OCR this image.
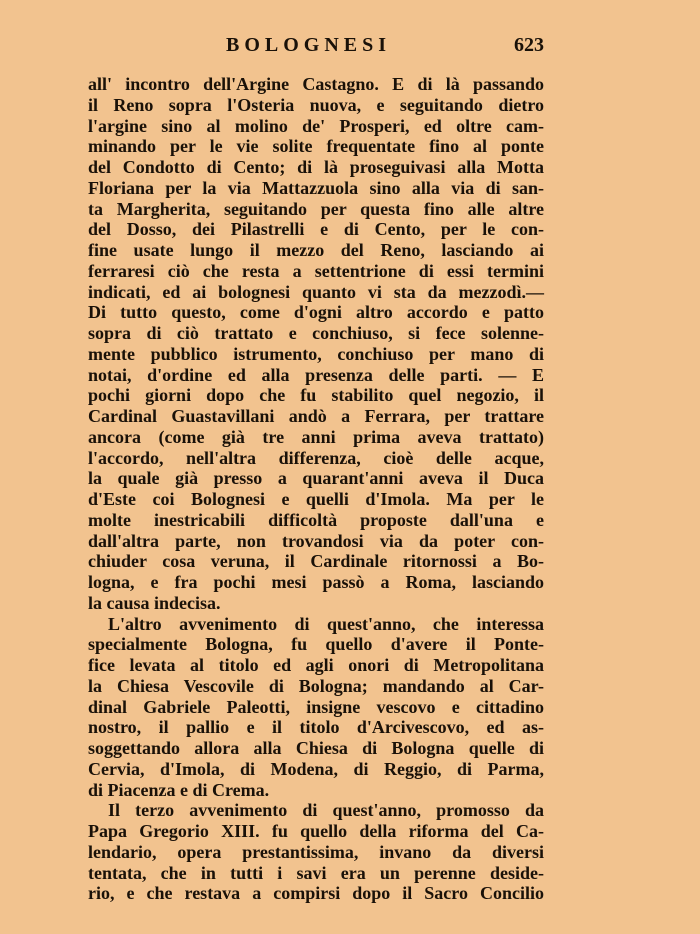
BOLOGNESI	623
all' incontro dell'Argine Castagno. E di là passando
il Reno sopra l'Osteria nuova, e seguitando dietro
l'argine sino al molino de' Prosperi, ed oltre cam-
minando per le vie solite frequentate fino al ponte
del Condotto di Cento; di là proseguivasi alla Motta
Floriana per la via Mattazzuola sino alla via di san-
ta Margherita, seguitando per questa fino alle altre
del Dosso, dei Pilastrelli e di Cento, per le con-
fine usate lungo il mezzo del Reno, lasciando ai
ferraresi ciò che resta a settentrione di essi termini
indicati, ed ai bolognesi quanto vi sta da mezzodì.—
Di tutto questo, come d'ogni altro accordo e patto
sopra di ciò trattato e conchiuso, si fece solenne-
mente pubblico istrumento, conchiuso per mano di
notai, d'ordine ed alla presenza delle parti. — E
pochi giorni dopo che fu stabilito quel negozio, il
Cardinal Guastavillani andò a Ferrara, per trattare
ancora (come già tre anni prima aveva trattato)
l'accordo, nell'altra differenza, cioè delle acque,
la quale già presso a quarant'anni aveva il Duca
d'Este coi Bolognesi e quelli d'Imola. Ma per le
molte inestricabili difficoltà proposte dall'una e
dall'altra parte, non trovandosi via da poter con-
chiuder cosa veruna, il Cardinale ritornossi a Bo-
logna, e fra pochi mesi passò a Roma, lasciando
la causa indecisa.
L'altro avvenimento di quest'anno, che interessa
specialmente Bologna, fu quello d'avere il Ponte-
fice levata al titolo ed agli onori di Metropolitana
la Chiesa Vescovile di Bologna; mandando al Car-
dinal Gabriele Paleotti, insigne vescovo e cittadino
nostro, il pallio e il titolo d'Arcivescovo, ed as-
soggettando allora alla Chiesa di Bologna quelle di
Cervia, d'Imola, di Modena, di Reggio, di Parma,
di Piacenza e di Crema.
Il terzo avvenimento di quest'anno, promosso da
Papa Gregorio XIII. fu quello della riforma del Ca-
lendario, opera prestantissima, invano da diversi
tentata, che in tutti i savi era un perenne deside-
rio, e che restava a compirsi dopo il Sacro Concilio
